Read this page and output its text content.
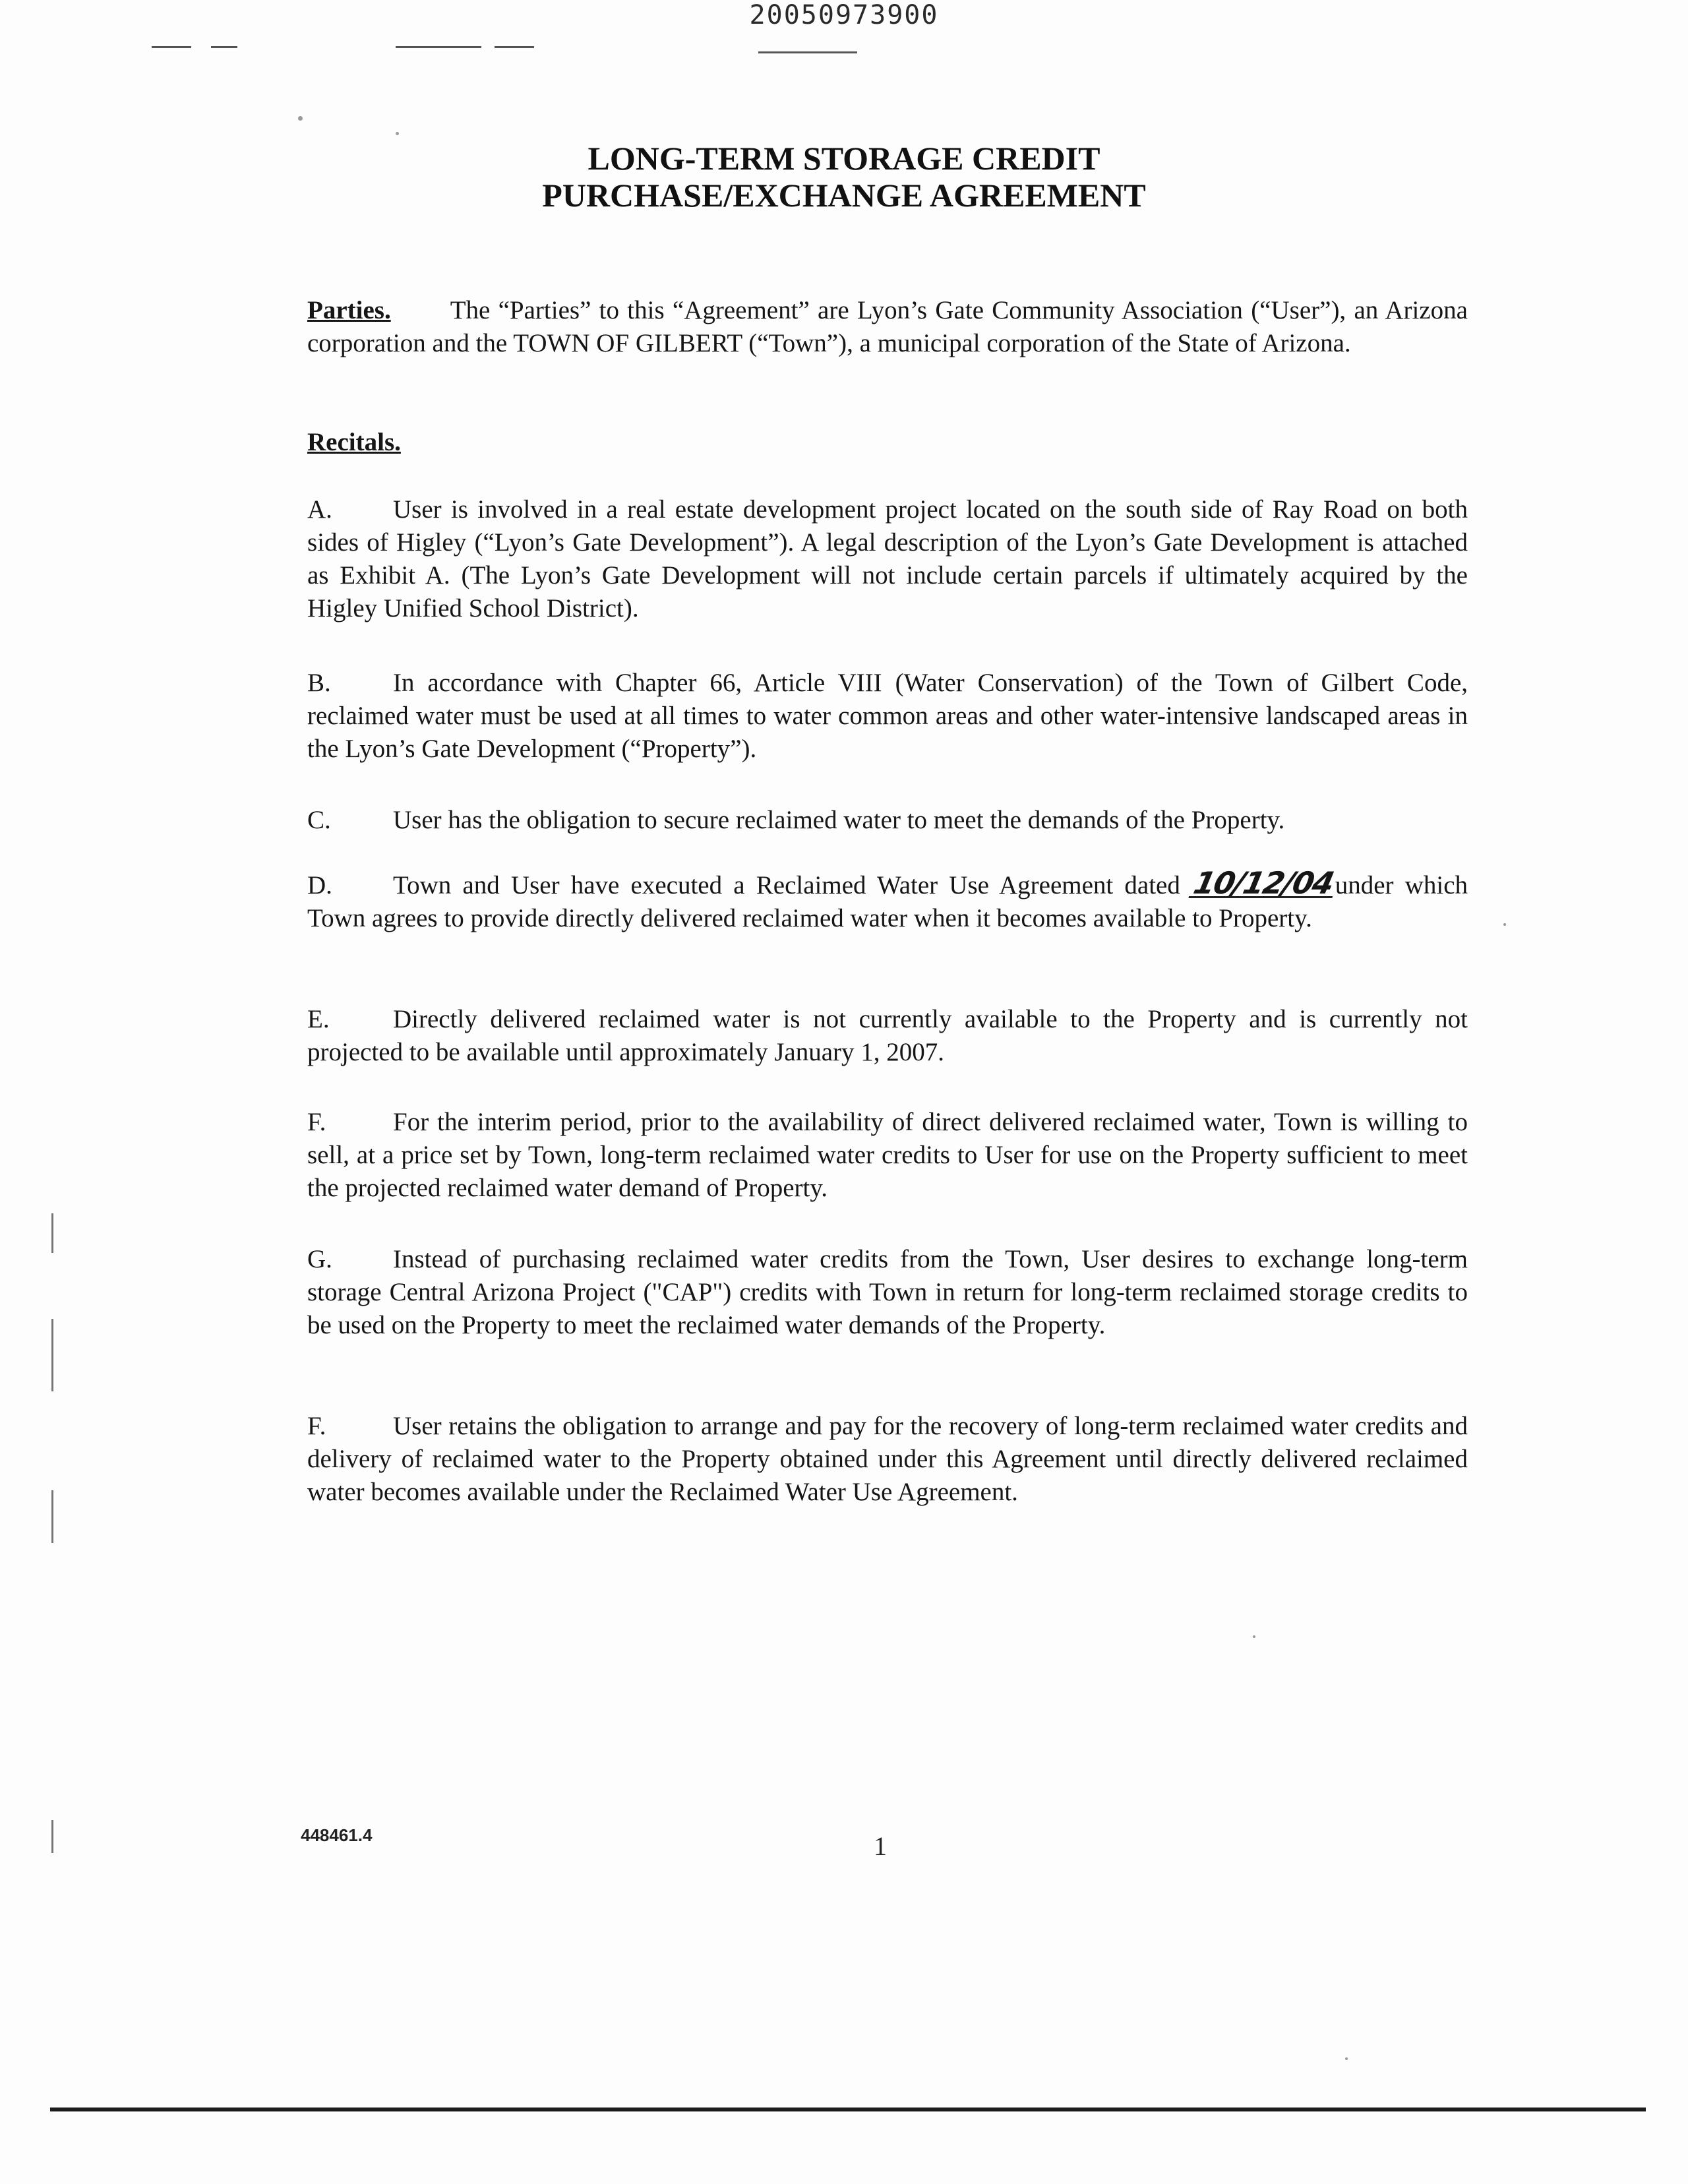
20050973900
LONG-TERM STORAGE CREDIT
PURCHASE/EXCHANGE AGREEMENT
Parties. The “Parties” to this “Agreement” are Lyon’s Gate Community Association (“User”), an Arizona corporation and the TOWN OF GILBERT (“Town”), a municipal corporation of the State of Arizona.
Recitals.
A. User is involved in a real estate development project located on the south side of Ray Road on both sides of Higley (“Lyon’s Gate Development”). A legal description of the Lyon’s Gate Development is attached as Exhibit A. (The Lyon’s Gate Development will not include certain parcels if ultimately acquired by the Higley Unified School District).
B. In accordance with Chapter 66, Article VIII (Water Conservation) of the Town of Gilbert Code, reclaimed water must be used at all times to water common areas and other water-intensive landscaped areas in the Lyon’s Gate Development (“Property”).
C. User has the obligation to secure reclaimed water to meet the demands of the Property.
D. Town and User have executed a Reclaimed Water Use Agreement dated 10/12/04under which Town agrees to provide directly delivered reclaimed water when it becomes available to Property.
E. Directly delivered reclaimed water is not currently available to the Property and is currently not projected to be available until approximately January 1, 2007.
F.	For the interim period, prior to the availability of direct delivered reclaimed water, Town is willing to sell, at a price set by Town, long-term reclaimed water credits to User for use on the Property sufficient to meet the projected reclaimed water demand of Property.
G. Instead of purchasing reclaimed water credits from the Town, User desires to exchange long-term storage Central Arizona Project ("CAP") credits with Town in return for long-term reclaimed storage credits to be used on the Property to meet the reclaimed water demands of the Property.
F.	User retains the obligation to arrange and pay for the recovery of long-term reclaimed water credits and delivery of reclaimed water to the Property obtained under this Agreement until directly delivered reclaimed water becomes available under the Reclaimed Water Use Agreement.
448461.4	1
